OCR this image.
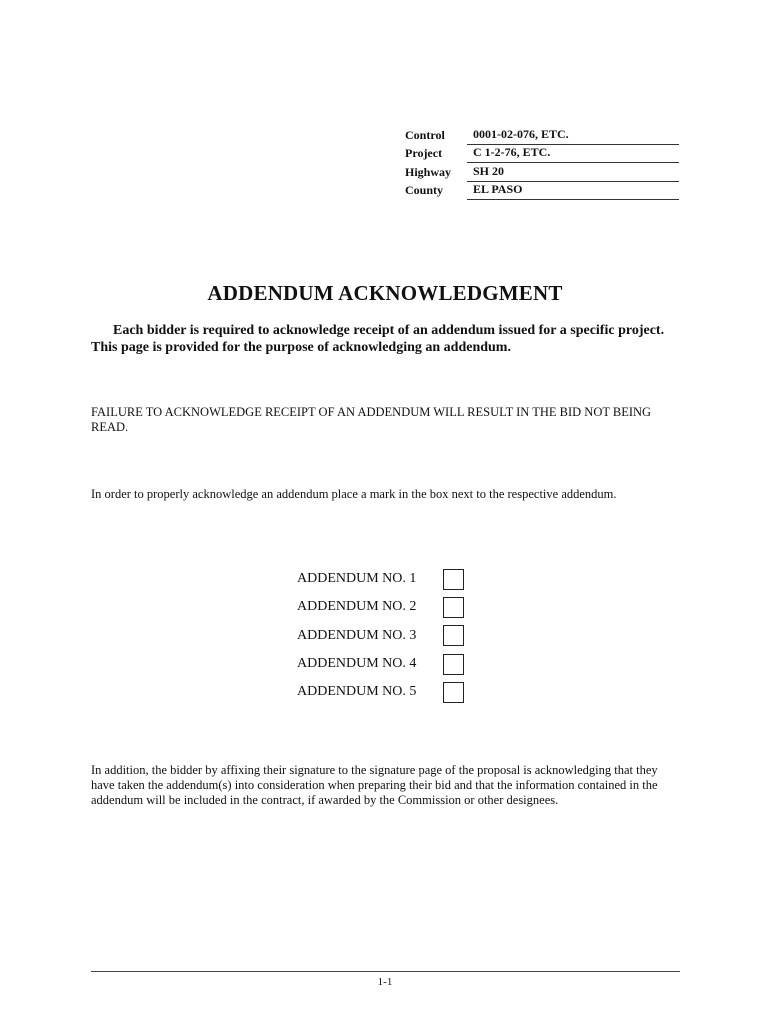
Control	0001-02-076, ETC.
Project	C 1-2-76, ETC.
Highway	SH 20
County	EL PASO
ADDENDUM ACKNOWLEDGMENT
Each bidder is required to acknowledge receipt of an addendum issued for a specific project. This page is provided for the purpose of acknowledging an addendum.
FAILURE TO ACKNOWLEDGE RECEIPT OF AN ADDENDUM WILL RESULT IN THE BID NOT BEING READ.
In order to properly acknowledge an addendum place a mark in the box next to the respective addendum.
ADDENDUM NO. 1
ADDENDUM NO. 2
ADDENDUM NO. 3
ADDENDUM NO. 4
ADDENDUM NO. 5
In addition, the bidder by affixing their signature to the signature page of the proposal is acknowledging that they have taken the addendum(s) into consideration when preparing their bid and that the information contained in the addendum will be included in the contract, if awarded by the Commission or other designees.
1-1
